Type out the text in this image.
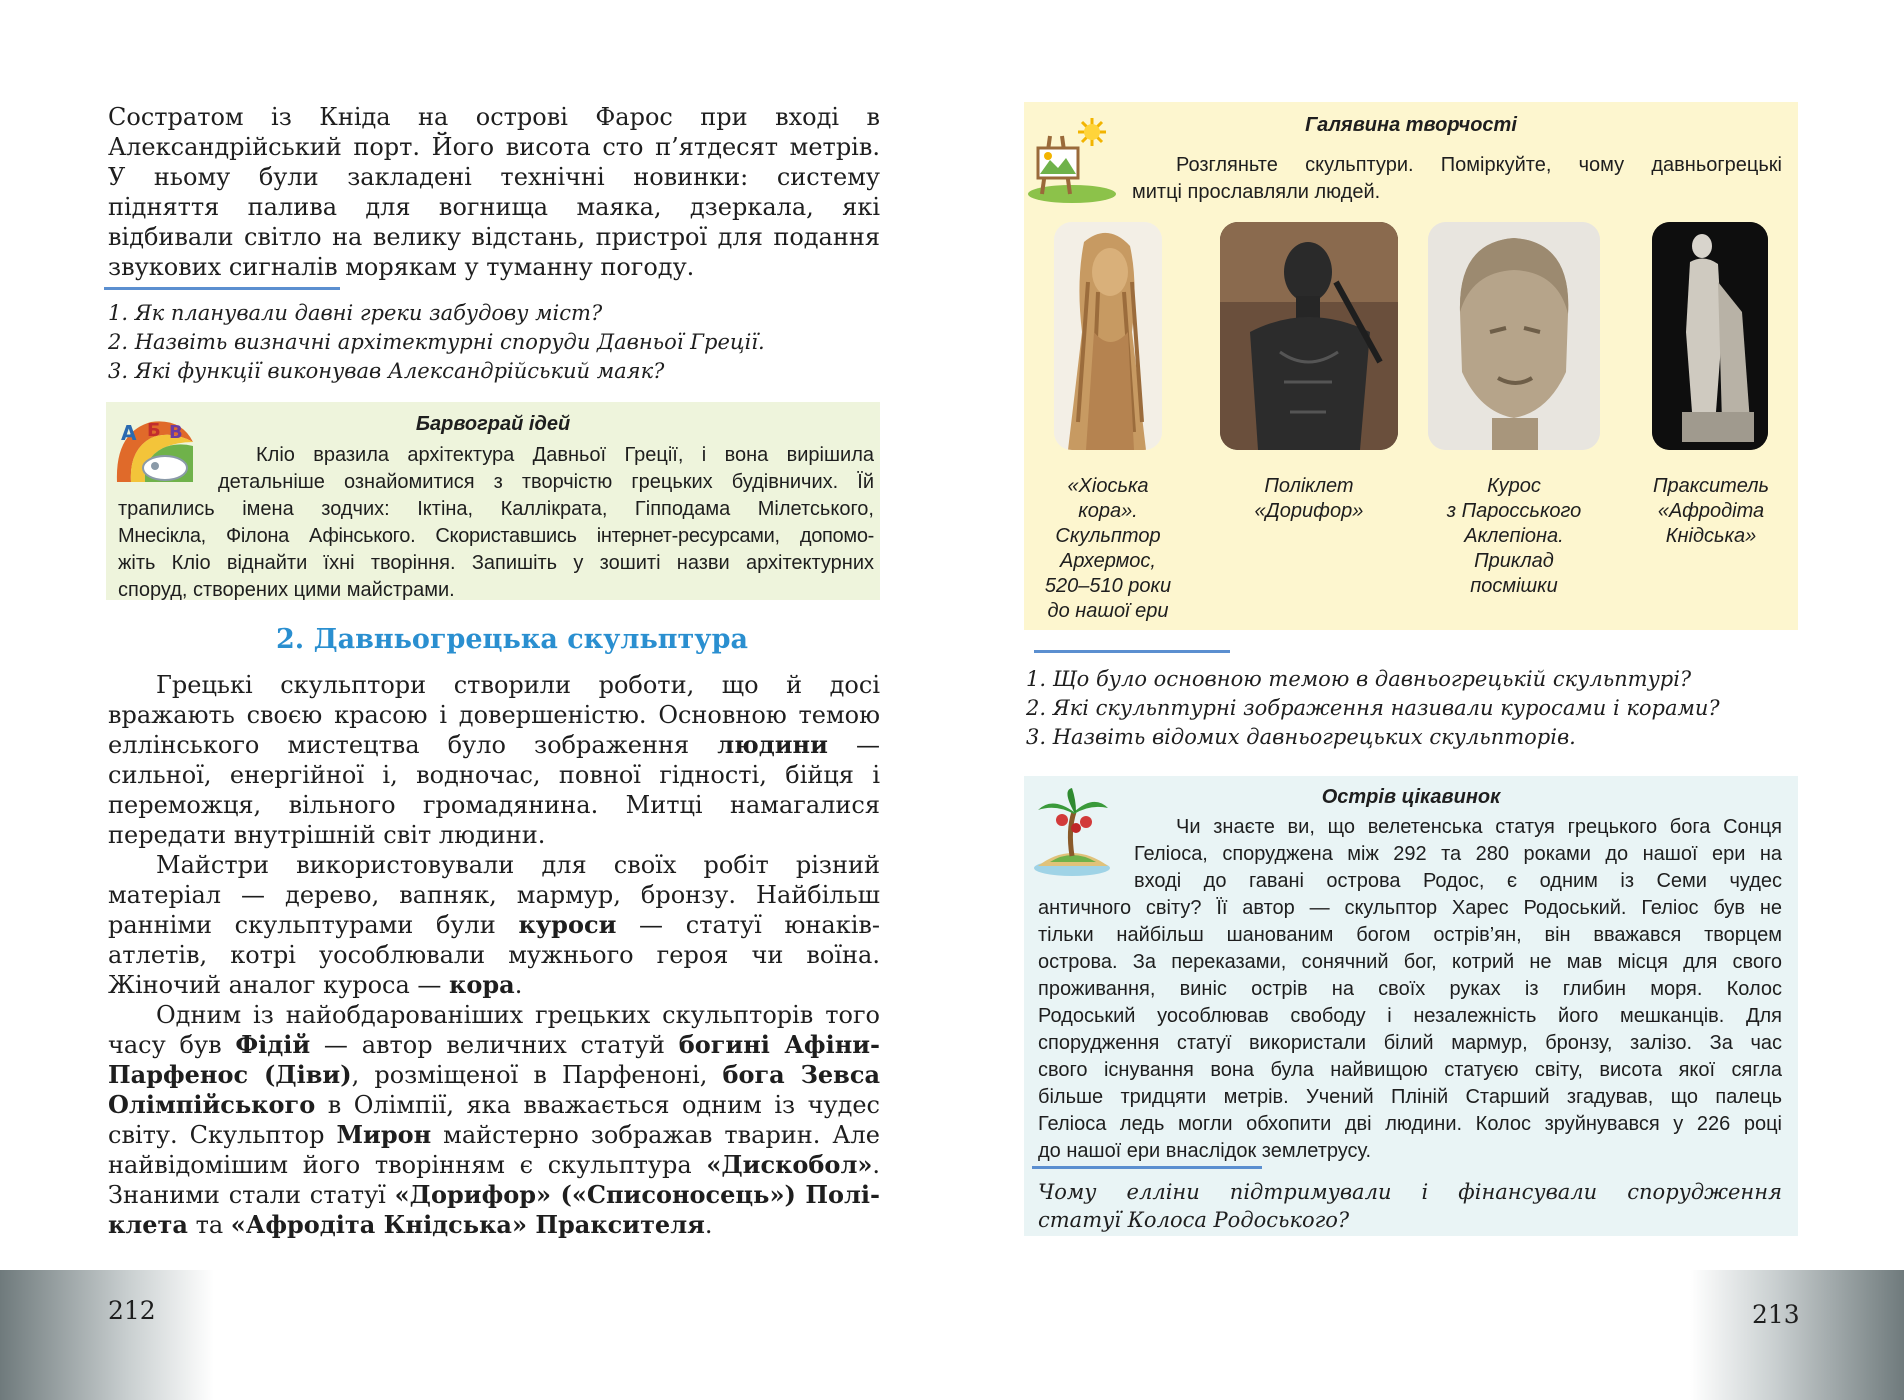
Состратом із Кніда на острові Фарос при вході в
Александрійський порт. Його висота сто п’ятдесят метрів.
У ньому були закладені технічні новинки: систему
підняття палива для вогнища маяка, дзеркала, які
відбивали світло на велику відстань, пристрої для подання
звукових сигналів морякам у туманну погоду.
1. Як планували давні греки забудову міст?
2. Назвіть визначні архітектурні споруди Давньої Греції.
3. Які функції виконував Александрійський маяк?
А Б В	Барвограй ідей
Кліо вразила архітектура Давньої Греції, і вона вирішила
детальніше ознайомитися з творчістю грецьких будівничих. Їй
трапились імена зодчих: Іктіна, Каллікрата, Гіпподама Мілетського,
Мнесікла, Філона Афінського. Скориставшись інтернет-ресурсами, допомо-
жіть Кліо віднайти їхні творіння. Запишіть у зошиті назви архітектурних
споруд, створених цими майстрами.
2. Давньогрецька скульптура

Грецькі скульптори створили роботи, що й досі вражають своєю красою і довершеністю. Основною темою еллінського мистецтва було зображення людини — сильної, енергійної і, водночас, повної гідності, бійця і переможця, вільного громадянина. Митці намагалися передати внутрішній світ людини.

Майстри використовували для своїх робіт різний матеріал — дерево, вапняк, мармур, бронзу. Найбільш ранніми скульптурами були куроси — статуї юнаків-атлетів, котрі уособлювали мужнього героя чи воїна. Жіночий аналог куроса — кора.

Одним із найобдарованіших грецьких скульпторів того часу був Фідій — автор величних статуй богині Афіни-Парфенос (Діви), розміщеної в Парфеноні, бога Зевса Олімпійського в Олімпії, яка вважається одним із чудес світу. Скульптор Мирон майстерно зображав тварин. Але найвідомішим його творінням є скульптура «Дискобол». Знаними стали статуї «Дорифор» («Списоносець») Полі-клета та «Афродіта Кнідська» Праксителя.

212
Галявина творчості
Розгляньте скульптури. Поміркуйте, чому давньогрецькі
митці прославляли людей.
«Хіоська
кора».
Скульптор
Архермос,
520–510 роки
до нашої ери
Поліклет
«Дорифор»
Курос
з Паросського
Аклепіона.
Приклад
посмішки
Пракситель
«Афродіта
Кнідська»
1. Що було основною темою в давньогрецькій скульптурі?
2. Які скульптурні зображення називали куросами і корами?
3. Назвіть відомих давньогрецьких скульпторів.
Острів цікавинок
Чи знаєте ви, що велетенська статуя грецького бога Сонця
Геліоса, споруджена між 292 та 280 роками до нашої ери на
вході до гавані острова Родос, є одним із Семи чудес
античного світу? Її автор — скульптор Харес Родоський. Геліос був не
тільки найбільш шанованим богом острів’ян, він вважався творцем
острова. За переказами, сонячний бог, котрий не мав місця для свого
проживання, виніс острів на своїх руках із глибин моря. Колос
Родоський уособлював свободу і незалежність його мешканців. Для
спорудження статуї використали білий мармур, бронзу, залізо. За час
свого існування вона була найвищою статуєю світу, висота якої сягла
більше тридцяти метрів. Учений Пліній Старший згадував, що палець
Геліоса ледь могли обхопити дві людини. Колос зруйнувався у 226 році
до нашої ери внаслідок землетрусу.
Чому елліни підтримували і фінансували спорудження
статуї Колоса Родоського?
213
